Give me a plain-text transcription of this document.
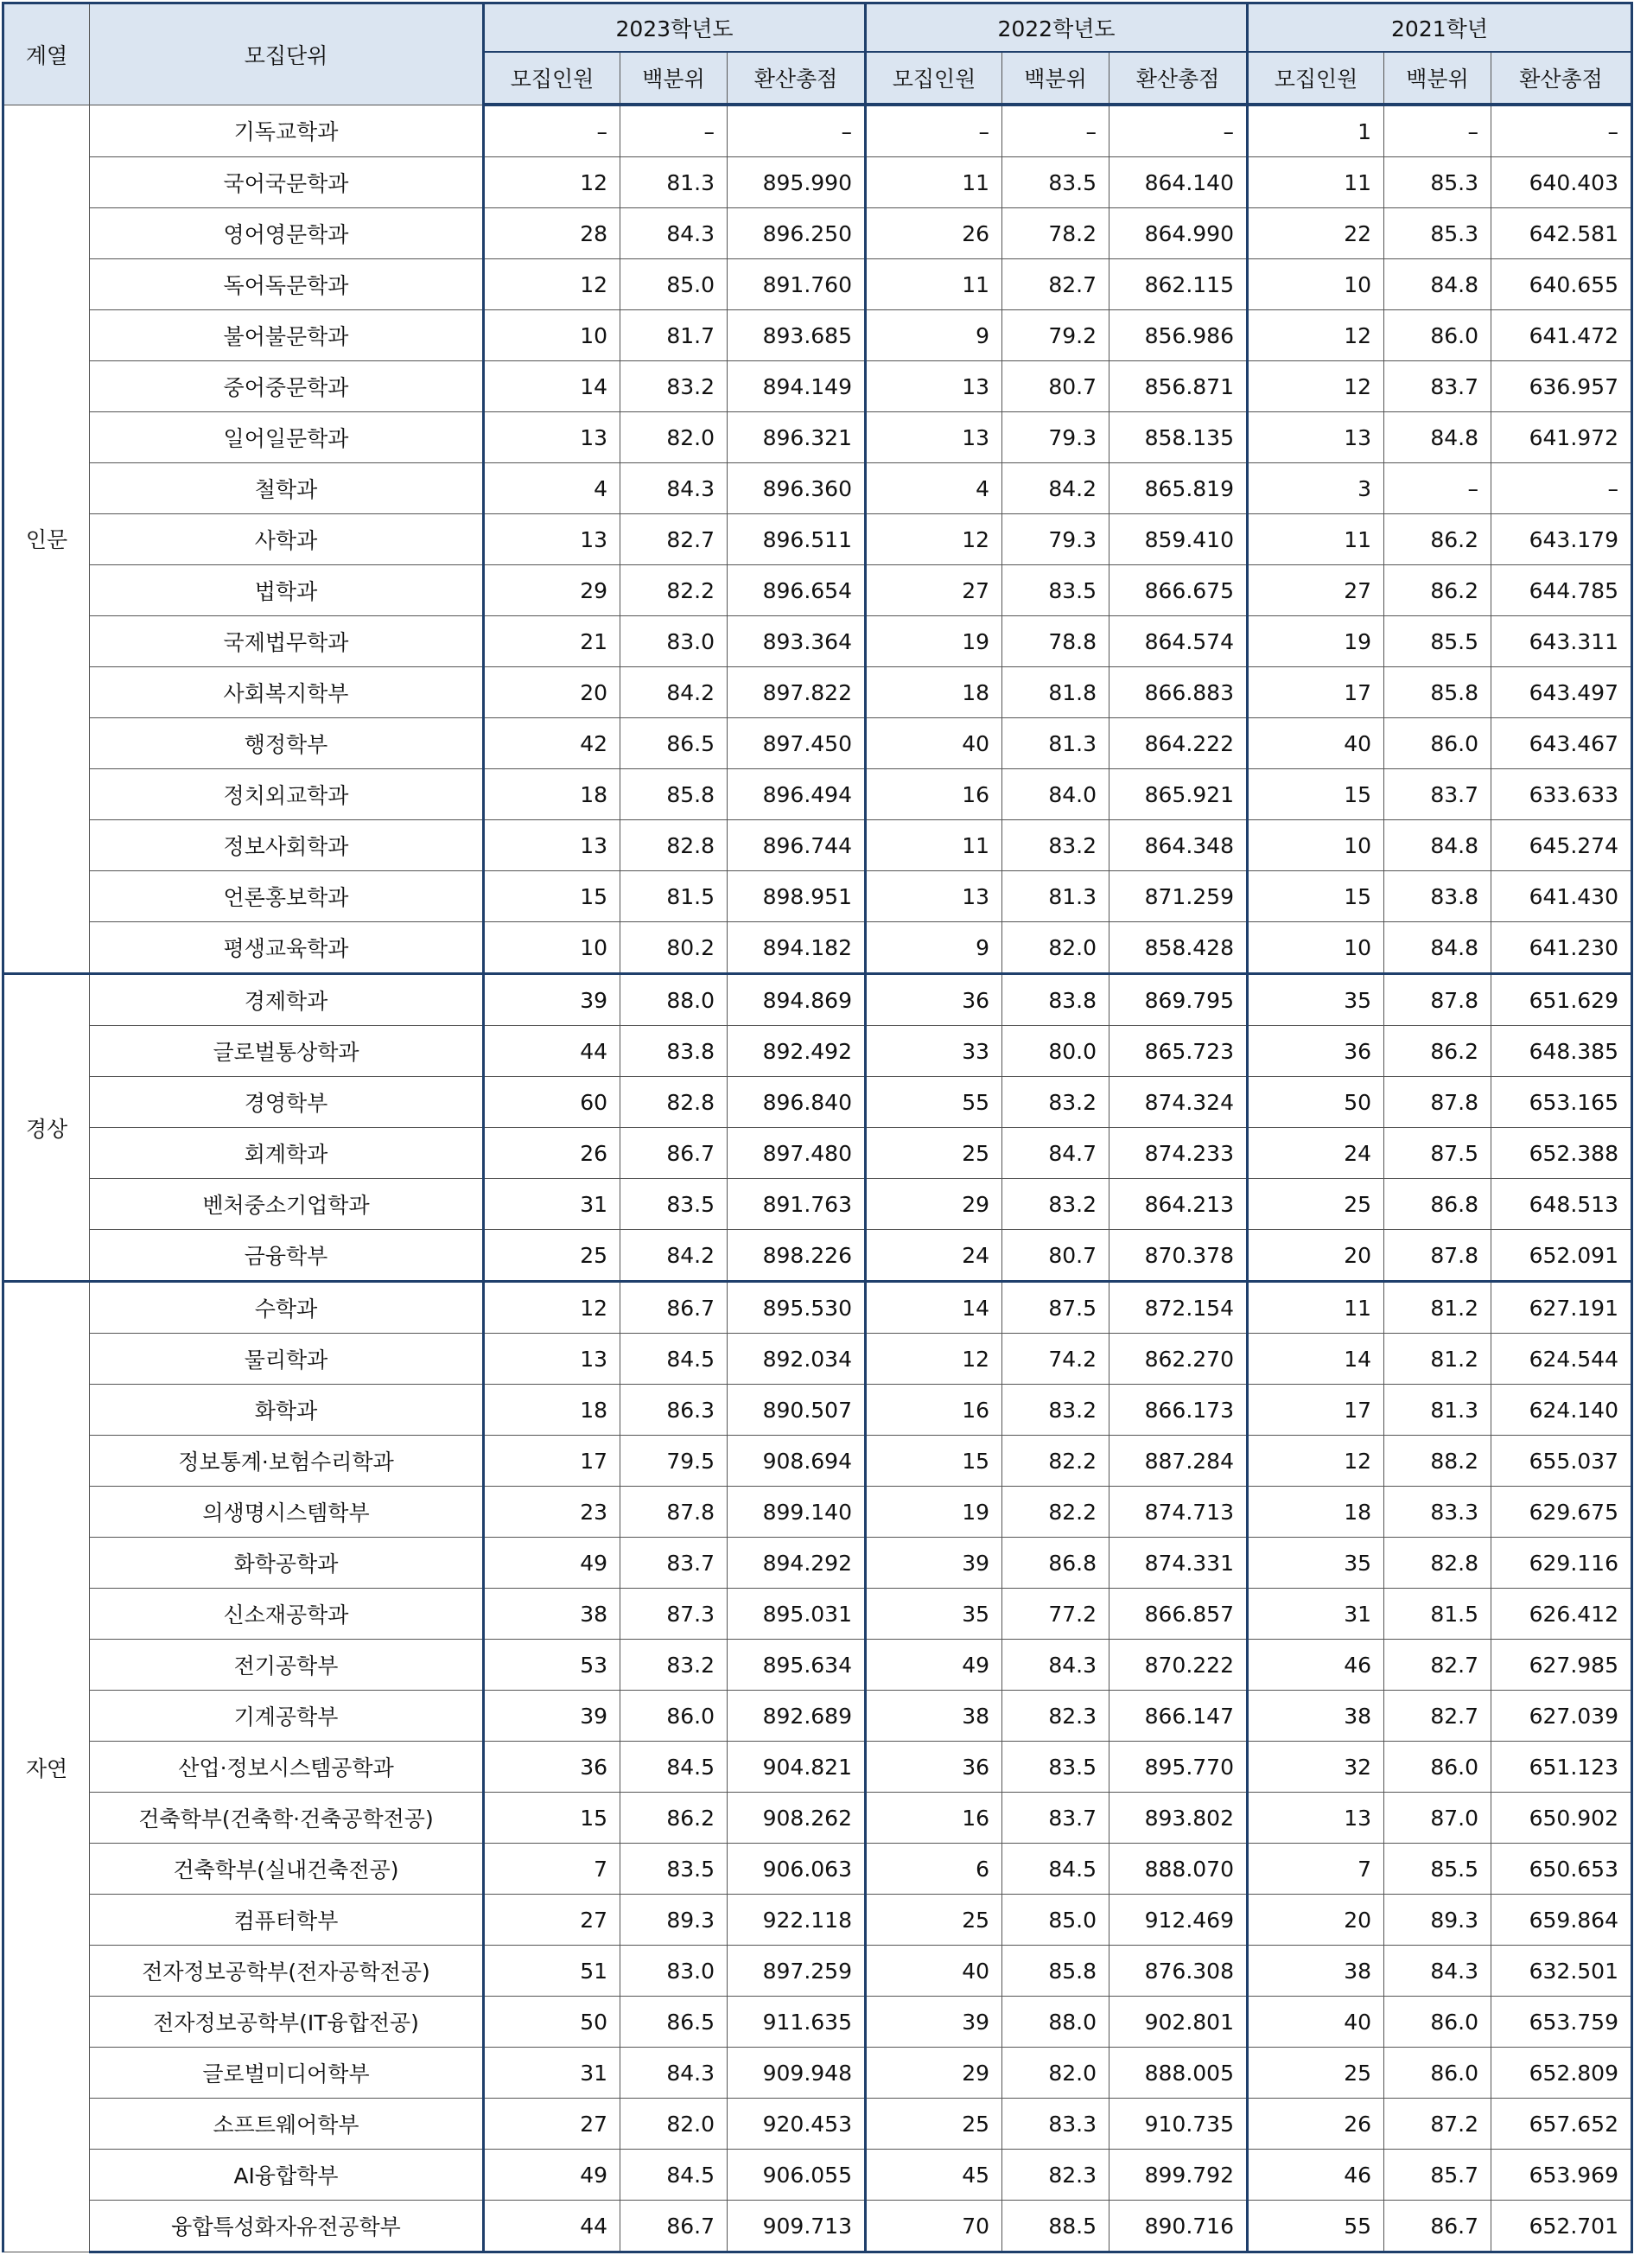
계열	모집단위	2023학년도			2022학년도			2021학년		
		모집인원	백분위	환산총점	모집인원	백분위	환산총점	모집인원	백분위	환산총점
인문	기독교학과	–	–	–	–	–	–	1	–	–
	국어국문학과	12	81.3	895.990	11	83.5	864.140	11	85.3	640.403
	영어영문학과	28	84.3	896.250	26	78.2	864.990	22	85.3	642.581
	독어독문학과	12	85.0	891.760	11	82.7	862.115	10	84.8	640.655
	불어불문학과	10	81.7	893.685	9	79.2	856.986	12	86.0	641.472
	중어중문학과	14	83.2	894.149	13	80.7	856.871	12	83.7	636.957
	일어일문학과	13	82.0	896.321	13	79.3	858.135	13	84.8	641.972
	철학과	4	84.3	896.360	4	84.2	865.819	3	–	–
	사학과	13	82.7	896.511	12	79.3	859.410	11	86.2	643.179
	법학과	29	82.2	896.654	27	83.5	866.675	27	86.2	644.785
	국제법무학과	21	83.0	893.364	19	78.8	864.574	19	85.5	643.311
	사회복지학부	20	84.2	897.822	18	81.8	866.883	17	85.8	643.497
	행정학부	42	86.5	897.450	40	81.3	864.222	40	86.0	643.467
	정치외교학과	18	85.8	896.494	16	84.0	865.921	15	83.7	633.633
	정보사회학과	13	82.8	896.744	11	83.2	864.348	10	84.8	645.274
	언론홍보학과	15	81.5	898.951	13	81.3	871.259	15	83.8	641.430
	평생교육학과	10	80.2	894.182	9	82.0	858.428	10	84.8	641.230
경상	경제학과	39	88.0	894.869	36	83.8	869.795	35	87.8	651.629
	글로벌통상학과	44	83.8	892.492	33	80.0	865.723	36	86.2	648.385
	경영학부	60	82.8	896.840	55	83.2	874.324	50	87.8	653.165
	회계학과	26	86.7	897.480	25	84.7	874.233	24	87.5	652.388
	벤처중소기업학과	31	83.5	891.763	29	83.2	864.213	25	86.8	648.513
	금융학부	25	84.2	898.226	24	80.7	870.378	20	87.8	652.091
자연	수학과	12	86.7	895.530	14	87.5	872.154	11	81.2	627.191
	물리학과	13	84.5	892.034	12	74.2	862.270	14	81.2	624.544
	화학과	18	86.3	890.507	16	83.2	866.173	17	81.3	624.140
	정보통계·보험수리학과	17	79.5	908.694	15	82.2	887.284	12	88.2	655.037
	의생명시스템학부	23	87.8	899.140	19	82.2	874.713	18	83.3	629.675
	화학공학과	49	83.7	894.292	39	86.8	874.331	35	82.8	629.116
	신소재공학과	38	87.3	895.031	35	77.2	866.857	31	81.5	626.412
	전기공학부	53	83.2	895.634	49	84.3	870.222	46	82.7	627.985
	기계공학부	39	86.0	892.689	38	82.3	866.147	38	82.7	627.039
	산업·정보시스템공학과	36	84.5	904.821	36	83.5	895.770	32	86.0	651.123
	건축학부(건축학·건축공학전공)	15	86.2	908.262	16	83.7	893.802	13	87.0	650.902
	건축학부(실내건축전공)	7	83.5	906.063	6	84.5	888.070	7	85.5	650.653
	컴퓨터학부	27	89.3	922.118	25	85.0	912.469	20	89.3	659.864
	전자정보공학부(전자공학전공)	51	83.0	897.259	40	85.8	876.308	38	84.3	632.501
	전자정보공학부(IT융합전공)	50	86.5	911.635	39	88.0	902.801	40	86.0	653.759
	글로벌미디어학부	31	84.3	909.948	29	82.0	888.005	25	86.0	652.809
	소프트웨어학부	27	82.0	920.453	25	83.3	910.735	26	87.2	657.652
	AI융합학부	49	84.5	906.055	45	82.3	899.792	46	85.7	653.969
	융합특성화자유전공학부	44	86.7	909.713	70	88.5	890.716	55	86.7	652.701
